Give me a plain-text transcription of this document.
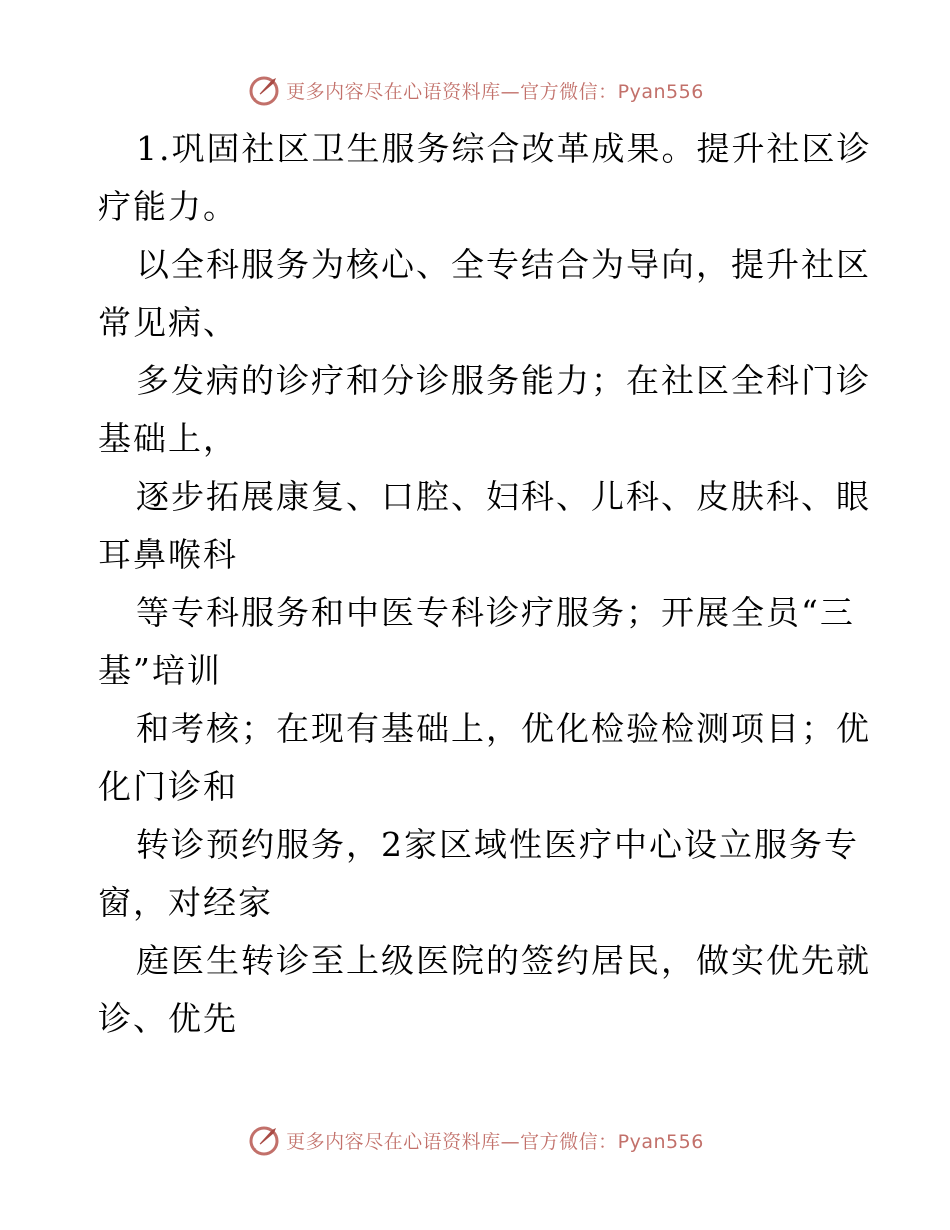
更多内容尽在心语资料库—官方微信：Pyan556

1.巩固社区卫生服务综合改革成果。提升社区诊
疗能力。

以全科服务为核心、全专结合为导向，提升社区
常见病、

多发病的诊疗和分诊服务能力；在社区全科门诊
基础上，

逐步拓展康复、口腔、妇科、儿科、皮肤科、眼
耳鼻喉科

等专科服务和中医专科诊疗服务；开展全员“三
基”培训

和考核；在现有基础上，优化检验检测项目；优
化门诊和

转诊预约服务，2家区域性医疗中心设立服务专
窗，对经家

庭医生转诊至上级医院的签约居民，做实优先就
诊、优先

更多内容尽在心语资料库—官方微信：Pyan556
